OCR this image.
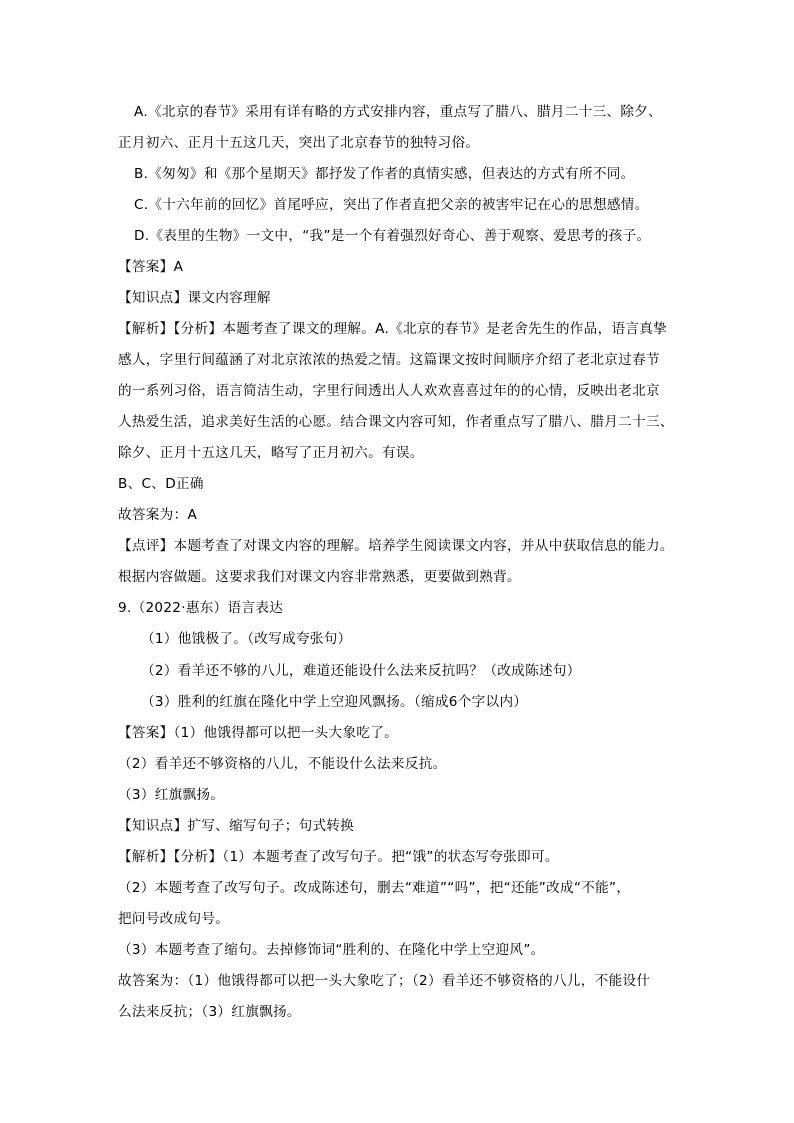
A.《北京的春节》采用有详有略的方式安排内容，重点写了腊八、腊月二十三、除夕、
正月初六、正月十五这几天，突出了北京春节的独特习俗。
B.《匆匆》和《那个星期天》都抒发了作者的真情实感，但表达的方式有所不同。
C.《十六年前的回忆》首尾呼应，突出了作者直把父亲的被害牢记在心的思想感情。
D.《表里的生物》一文中，“我”是一个有着强烈好奇心、善于观察、爱思考的孩子。
【答案】A
【知识点】课文内容理解
【解析】【分析】本题考查了课文的理解。A.《北京的春节》是老舍先生的作品，语言真挚
感人，字里行间蕴涵了对北京浓浓的热爱之情。这篇课文按时间顺序介绍了老北京过春节
的一系列习俗，语言简洁生动，字里行间透出人人欢欢喜喜过年的的心情，反映出老北京
人热爱生活，追求美好生活的心愿。结合课文内容可知，作者重点写了腊八、腊月二十三、
除夕、正月十五这几天，略写了正月初六。有误。
B、C、D正确
故答案为：A
【点评】本题考查了对课文内容的理解。培养学生阅读课文内容，并从中获取信息的能力。
根据内容做题。这要求我们对课文内容非常熟悉，更要做到熟背。
9.（2022·惠东）语言表达
（1）他饿极了。（改写成夸张句）
（2）看羊还不够的八儿，难道还能设什么法来反抗吗？（改成陈述句）
（3）胜利的红旗在隆化中学上空迎风飘扬。（缩成6个字以内）
【答案】（1）他饿得都可以把一头大象吃了。
（2）看羊还不够资格的八儿，不能设什么法来反抗。
（3）红旗飘扬。
【知识点】扩写、缩写句子；句式转换
【解析】【分析】（1）本题考查了改写句子。把“饿”的状态写夸张即可。
（2）本题考查了改写句子。改成陈述句，删去“难道”“吗”，把“还能”改成“不能”，
把问号改成句号。
（3）本题考查了缩句。去掉修饰词“胜利的、在隆化中学上空迎风”。
故答案为：（1）他饿得都可以把一头大象吃了；（2）看羊还不够资格的八儿，不能设什
么法来反抗；（3）红旗飘扬。
